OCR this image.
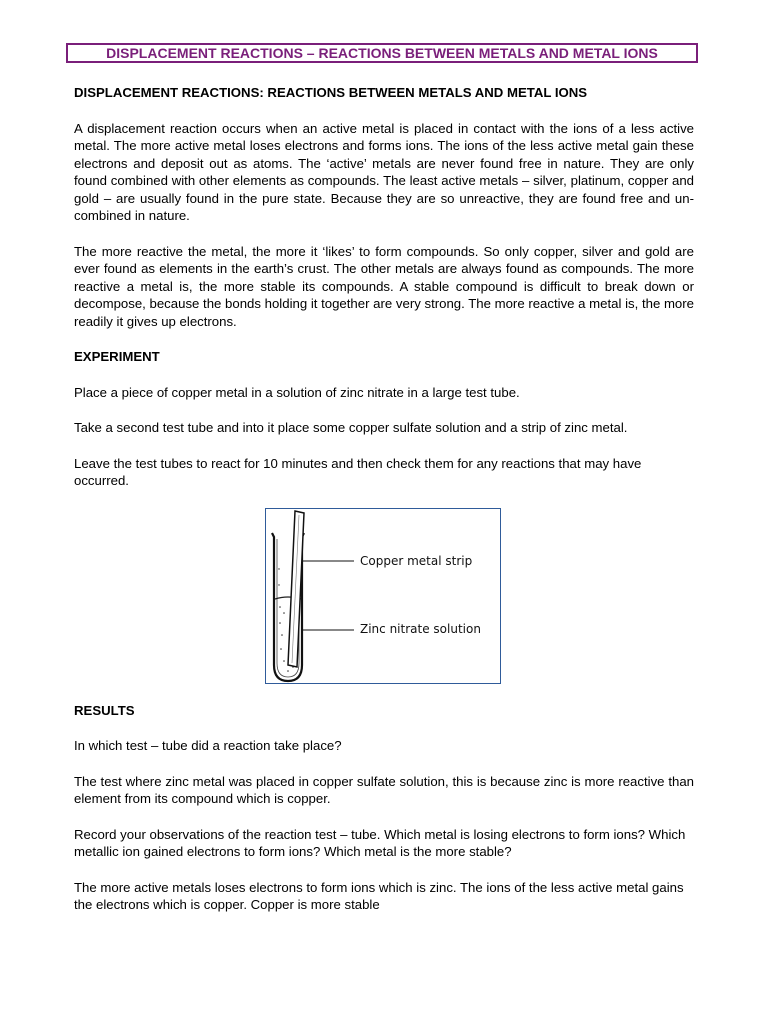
DISPLACEMENT REACTIONS – REACTIONS BETWEEN METALS AND METAL IONS
DISPLACEMENT REACTIONS: REACTIONS BETWEEN METALS AND METAL IONS

A displacement reaction occurs when an active metal is placed in contact with the ions of a less active metal. The more active metal loses electrons and forms ions. The ions of the less active metal gain these electrons and deposit out as atoms. The ‘active’ metals are never found free in nature. They are only found combined with other elements as compounds. The least active metals – silver, platinum, copper and gold – are usually found in the pure state. Because they are so unreactive, they are found free and un-combined in nature.

The more reactive the metal, the more it ‘likes’ to form compounds. So only copper, silver and gold are ever found as elements in the earth’s crust. The other metals are always found as compounds. The more reactive a metal is, the more stable its compounds. A stable compound is difficult to break down or decompose, because the bonds holding it together are very strong. The more reactive a metal is, the more readily it gives up electrons.

EXPERIMENT

Place a piece of copper metal in a solution of zinc nitrate in a large test tube.

Take a second test tube and into it place some copper sulfate solution and a strip of zinc metal.

Leave the test tubes to react for 10 minutes and then check them for any reactions that may have occurred.

Copper metal strip
Zinc nitrate solution
RESULTS

In which test – tube did a reaction take place?

The test where zinc metal was placed in copper sulfate solution, this is because zinc is more reactive than element from its compound which is copper.

Record your observations of the reaction test – tube. Which metal is losing electrons to form ions? Which metallic ion gained electrons to form ions? Which metal is the more stable?

The more active metals loses electrons to form ions which is zinc. The ions of the less active metal gains the electrons which is copper. Copper is more stable
